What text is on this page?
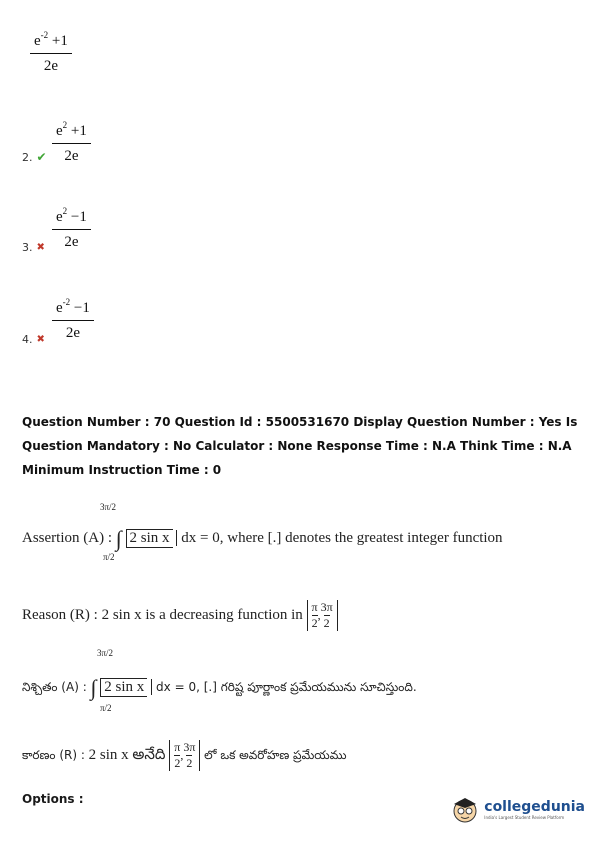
$e^{-2} +1$
2e
$e^2 +1$
2e
2. ✔
$e^2 -1$
2e
3. ✖
$e^{-2} -1$
2e
4. ✖
Question Number : 70 Question Id : 5500531670 Display Question Number : Yes Is Question Mandatory : No Calculator : None Response Time : N.A Think Time : N.A Minimum Instruction Time : 0
3π/2
π/2
Assertion (A) : ∫ 2 sin x dx = 0, where [.] denotes the greatest integer function
Reason (R) : 2 sin x is a decreasing function in π
2
,
3π
2
3π/2
π/2
నిశ్చితం (A) : ∫ 2 sin x dx = 0, [.] గరిష్ట పూర్ణాంక ప్రమేయమును సూచిస్తుంది.
కారణం (R) : 2 sin x అనేది π
2
,
3π
2
లో ఒక అవరోహణ ప్రమేయము
Options :	collegedunia
India's Largest Student Review Platform
